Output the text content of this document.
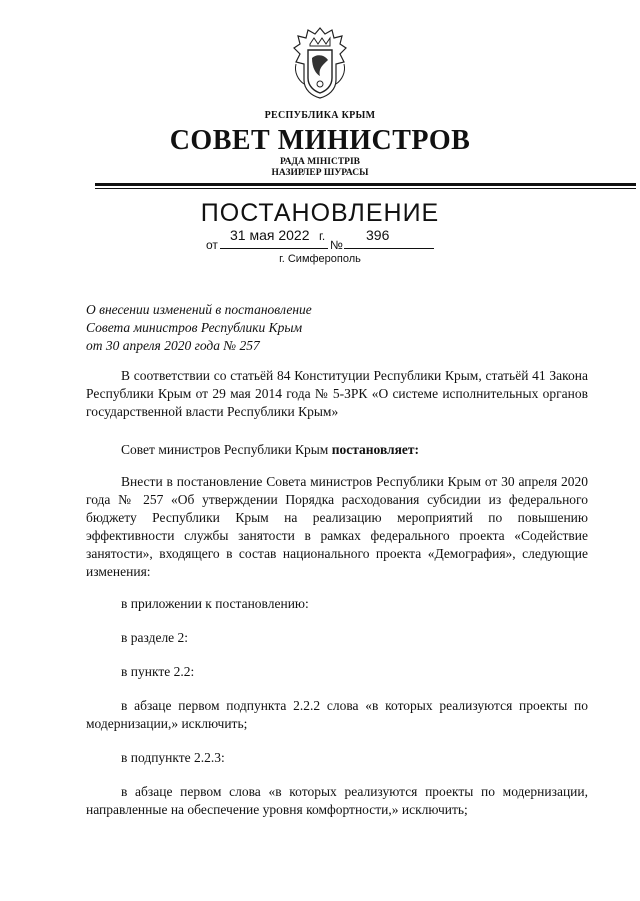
РЕСПУБЛИКА КРЫМ
СОВЕТ МИНИСТРОВ
РАДА МІНІСТРІВ
НАЗИРЛЕР ШУРАСЫ
ПОСТАНОВЛЕНИЕ
от
31 мая 2022 г.
№
396
г. Симферополь
О внесении изменений в постановление
Совета министров Республики Крым
от 30 апреля 2020 года № 257
В соответствии со статьёй 84 Конституции Республики Крым, статьёй 41 Закона Республики Крым от 29 мая 2014 года № 5-ЗРК «О системе исполнительных органов государственной власти Республики Крым»
Совет министров Республики Крым постановляет:
Внести в постановление Совета министров Республики Крым от 30 апреля 2020 года № 257 «Об утверждении Порядка расходования субсидии из федерального бюджету Республики Крым на реализацию мероприятий по повышению эффективности службы занятости в рамках федерального проекта «Содействие занятости», входящего в состав национального проекта «Демография», следующие изменения:
в приложении к постановлению:
в разделе 2:
в пункте 2.2:
в абзаце первом подпункта 2.2.2 слова «в которых реализуются проекты по модернизации,» исключить;
в подпункте 2.2.3:
в абзаце первом слова «в которых реализуются проекты по модернизации, направленные на обеспечение уровня комфортности,» исключить;
